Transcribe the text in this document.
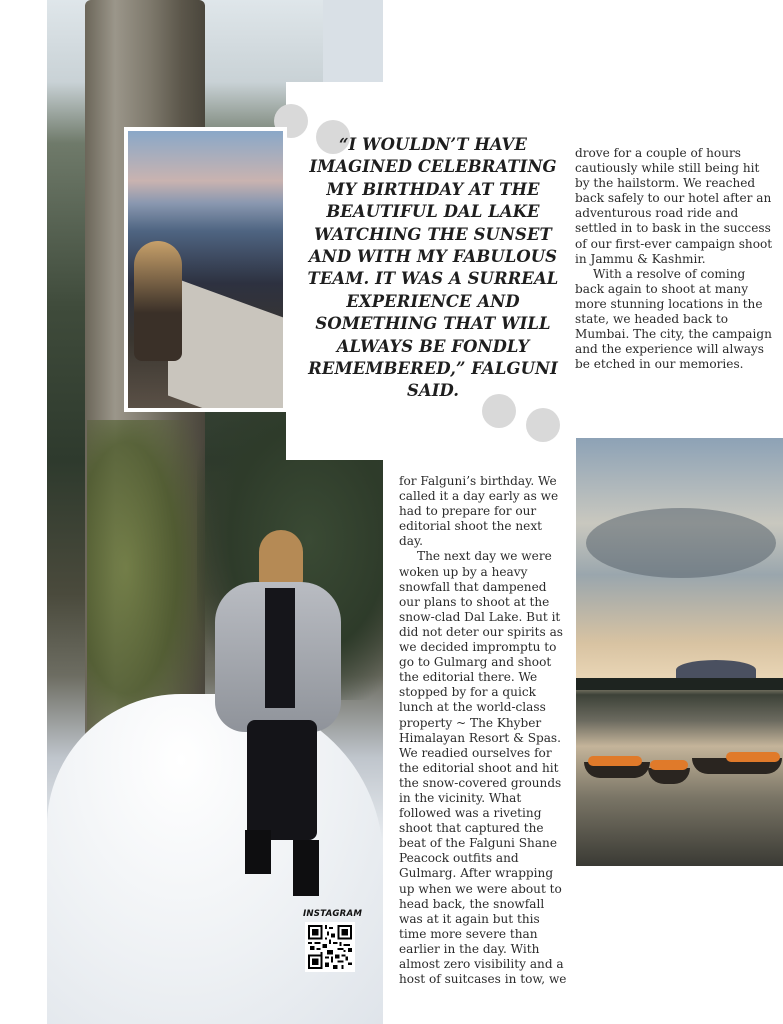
“I WOULDN’T HAVE IMAGINED CELEBRATING MY BIRTHDAY AT THE BEAUTIFUL DAL LAKE WATCHING THE SUNSET AND WITH MY FABULOUS TEAM. IT WAS A SURREAL EXPERIENCE AND SOMETHING THAT WILL ALWAYS BE FONDLY REMEMBERED,” FALGUNI SAID.

drove for a couple of hours cautiously while still being hit by the hailstorm. We reached back safely to our hotel after an adventurous road ride and settled in to bask in the success of our first-ever campaign shoot in Jammu & Kashmir.

With a resolve of coming back again to shoot at many more stunning locations in the state, we headed back to Mumbai. The city, the campaign and the experience will always be etched in our memories.

for Falguni’s birthday. We called it a day early as we had to prepare for our editorial shoot the next day.

The next day we were woken up by a heavy snowfall that dampened our plans to shoot at the snow-clad Dal Lake. But it did not deter our spirits as we decided impromptu to go to Gulmarg and shoot the editorial there. We stopped by for a quick lunch at the world-class property ~ The Khyber Himalayan Resort & Spas. We readied ourselves for the editorial shoot and hit the snow-covered grounds in the vicinity. What followed was a riveting shoot that captured the beat of the Falguni Shane Peacock outfits and Gulmarg. After wrapping up when we were about to head back, the snowfall was at it again but this time more severe than earlier in the day. With almost zero visibility and a host of suitcases in tow, we

INSTAGRAM
